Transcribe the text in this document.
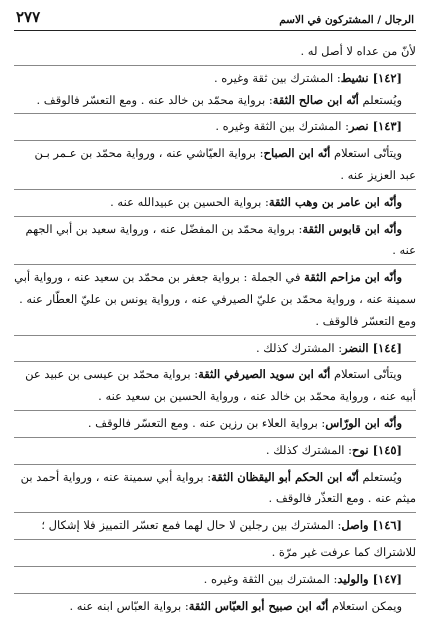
الرجال / المشتركون في الاسم
٢٧٧
لأنّ من عداه لا أصل له .
[١٤٢] نشيط: المشترك بين ثقة وغيره .
ويُستعلم أنّه ابن صالح الثقة: برواية محمّد بن خالد عنه . ومع التعسّر فالوقف .
[١٤٣] نصر: المشترك بين الثقة وغيره .
ويتأتّى استعلام أنّه ابن الصباح: برواية العيّاشي عنه ، ورواية محمّد بن عـمر بـن
عبد العزيز عنه .
وأنّه ابن عامر بن وهب الثقة: برواية الحسين بن عبيدالله عنه .
وأنّه ابن قابوس الثقة: برواية محمّد بن المفضّل عنه ، ورواية سعيد بن أبي الجهم
عنه .
وأنّه ابن مزاحم الثقة في الجملة : برواية جعفر بن محمّد بن سعيد عنه ، ورواية أبي
سمينة عنه ، ورواية محمّد بن عليّ الصيرفي عنه ، ورواية يونس بن عليّ العطّار عنه .
ومع التعسّر فالوقف .
[١٤٤] النضر: المشترك كذلك .
ويتأتّى استعلام أنّه ابن سويد الصيرفي الثقة: برواية محمّد بن عيسى بن عبيد عن
أبيه عنه ، ورواية محمّد بن خالد عنه ، ورواية الحسين بن سعيد عنه .
وأنّه ابن الورّاس: برواية العلاء بن رزين عنه . ومع التعسّر فالوقف .
[١٤٥] نوح: المشترك كذلك .
ويُستعلم أنّه ابن الحكم أبو اليقظان الثقة: برواية أبي سمينة عنه ، ورواية أحمد بن
ميثم عنه . ومع التعذّر فالوقف .
[١٤٦] واصل: المشترك بين رجلين لا حال لهما فمع تعسّر التمييز فلا إشكال ؛
للاشتراك كما عرفت غير مرّة .
[١٤٧] والوليد: المشترك بين الثقة وغيره .
ويمكن استعلام أنّه ابن صبيح أبو العبّاس الثقة: برواية العبّاس ابنه عنه .
